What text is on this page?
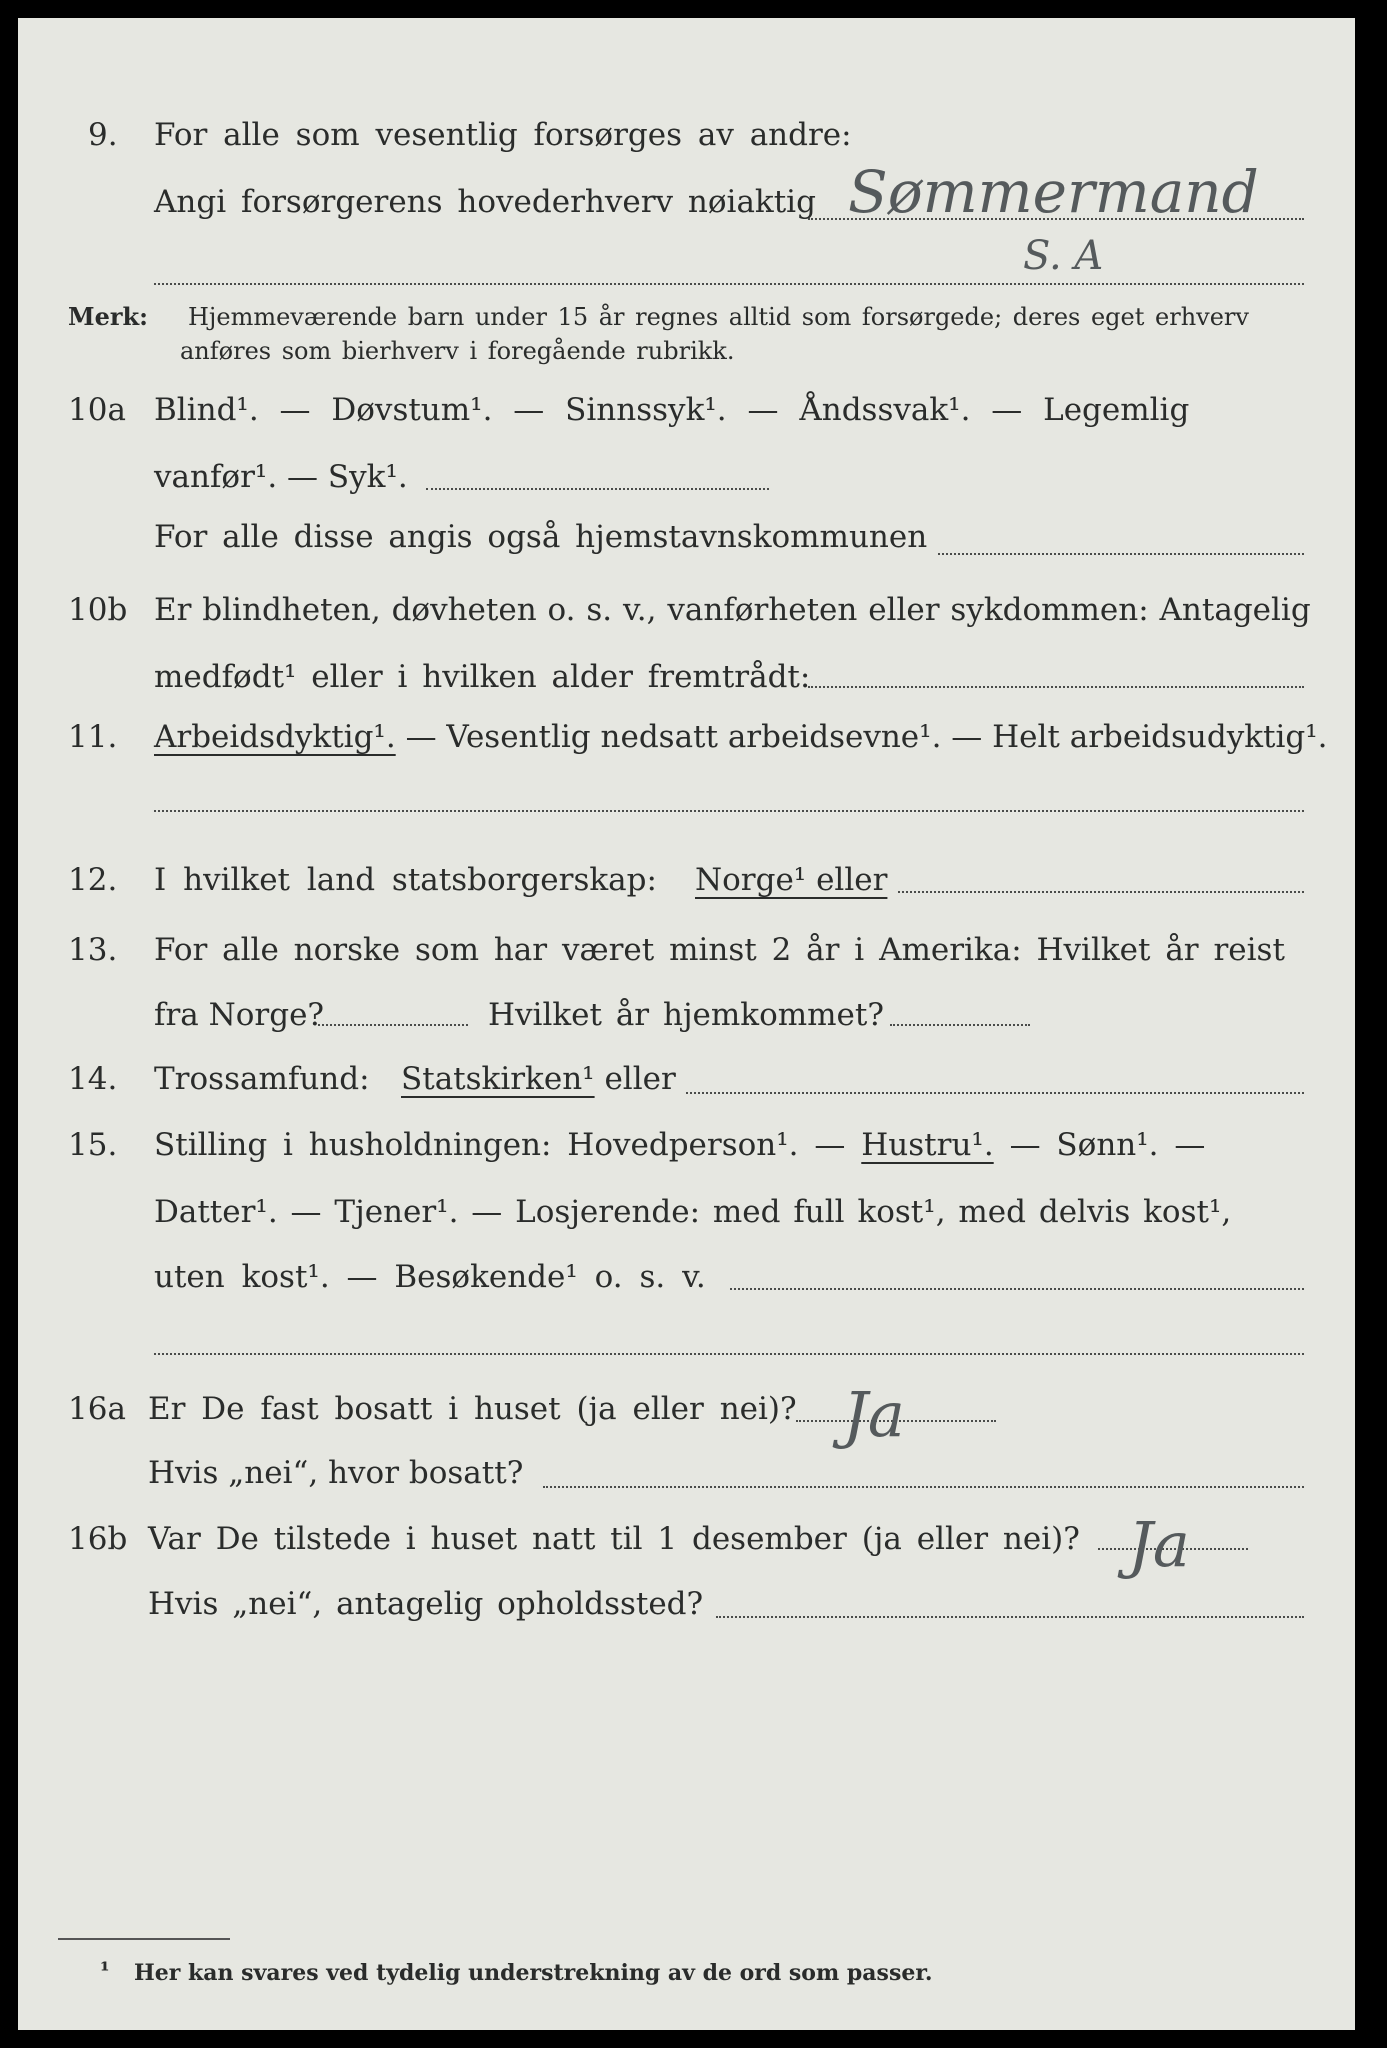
9. For alle som vesentlig forsørges av andre:
Angi forsørgerens hovederhverv nøiaktig Sømmermand
S. A
Merk: Hjemmeværende barn under 15 år regnes alltid som forsørgede; deres eget erhverv
anføres som bierhverv i foregående rubrikk.
10a Blind¹. — Døvstum¹. — Sinnssyk¹. — Åndssvak¹. — Legemlig
vanfør¹. — Syk¹.
For alle disse angis også hjemstavnskommunen
10b Er blindheten, døvheten o. s. v., vanførheten eller sykdommen: Antagelig
medfødt¹ eller i hvilken alder fremtrådt:
11. Arbeidsdyktig¹. — Vesentlig nedsatt arbeidsevne¹. — Helt arbeidsudyktig¹.
12. I hvilket land statsborgerskap: Norge¹ eller
13. For alle norske som har været minst 2 år i Amerika: Hvilket år reist
fra Norge?	Hvilket år hjemkommet?
14. Trossamfund: Statskirken¹ eller
15. Stilling i husholdningen: Hovedperson¹. — Hustru¹. — Sønn¹. —
Datter¹. — Tjener¹. — Losjerende: med full kost¹, med delvis kost¹,
uten kost¹. — Besøkende¹ o. s. v.
16a Er De fast bosatt i huset (ja eller nei)? Ja
Hvis „nei“, hvor bosatt?
16b Var De tilstede i huset natt til 1 desember (ja eller nei)? Ja
Hvis „nei“, antagelig opholdssted?
¹ Her kan svares ved tydelig understrekning av de ord som passer.
